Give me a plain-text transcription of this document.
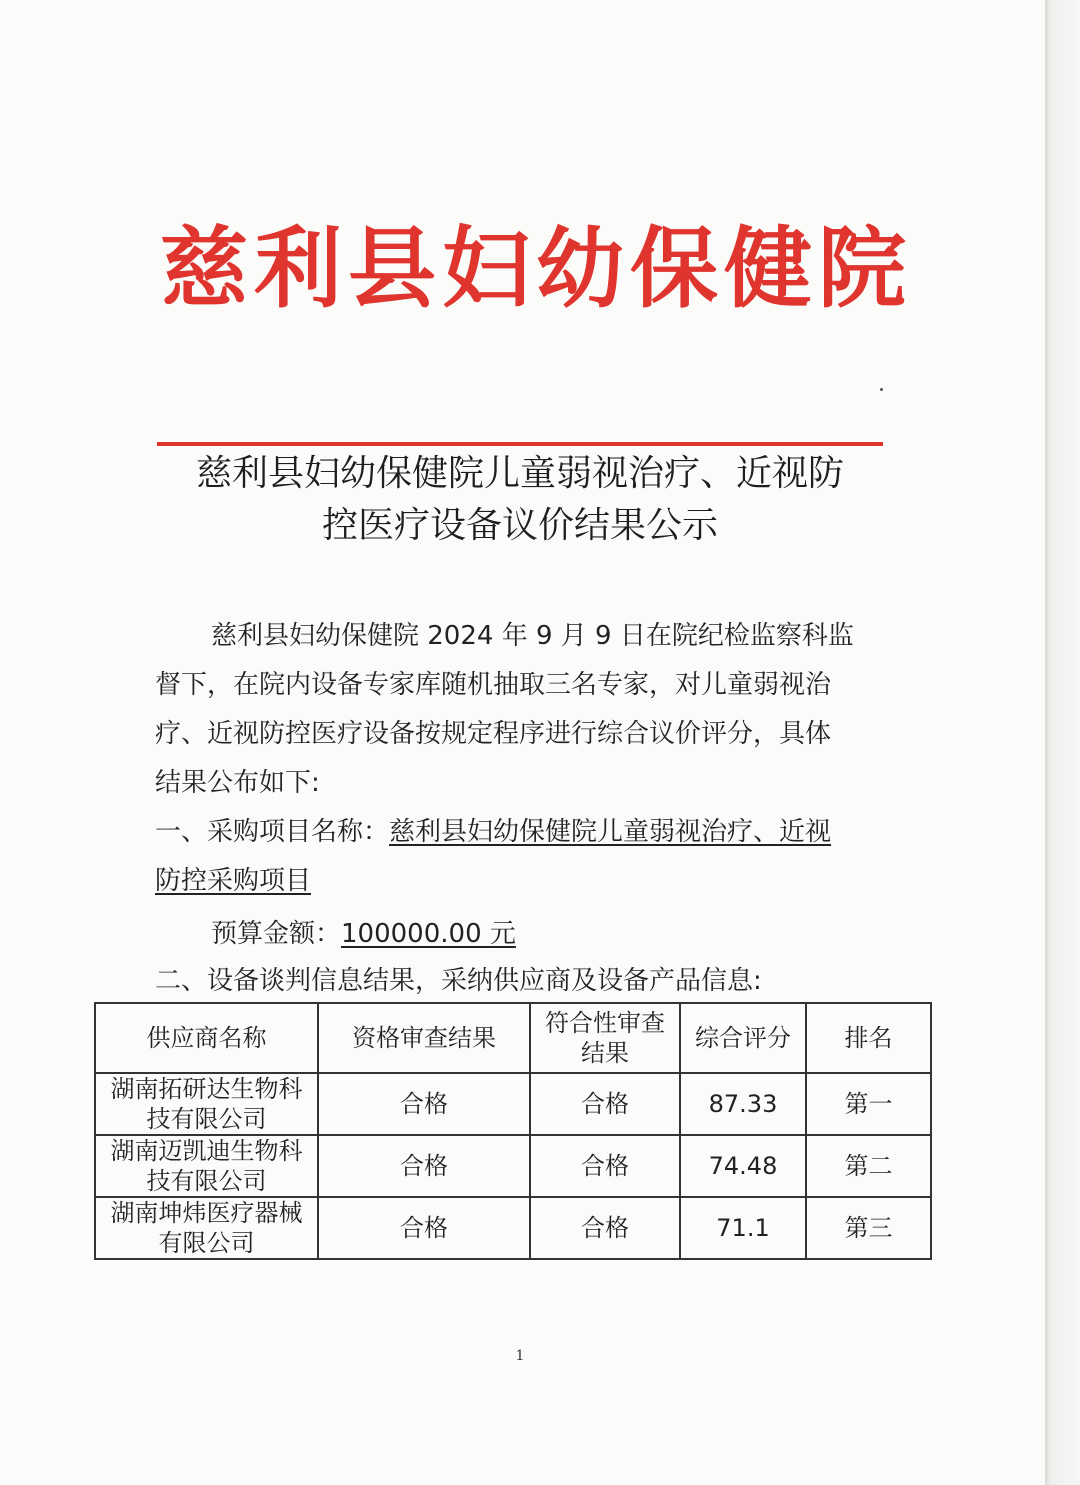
慈利县妇幼保健院
慈利县妇幼保健院儿童弱视治疗、近视防
控医疗设备议价结果公示
慈利县妇幼保健院 2024 年 9 月 9 日在院纪检监察科监
督下，在院内设备专家库随机抽取三名专家，对儿童弱视治
疗、近视防控医疗设备按规定程序进行综合议价评分，具体
结果公布如下:
一、采购项目名称：慈利县妇幼保健院儿童弱视治疗、近视
防控采购项目
预算金额：100000.00 元
二、设备谈判信息结果，采纳供应商及设备产品信息:
供应商名称	资格审查结果	符合性审查结果	综合评分	排名
湖南拓研达生物科技有限公司	合格	合格	87.33	第一
湖南迈凯迪生物科技有限公司	合格	合格	74.48	第二
湖南坤炜医疗器械有限公司	合格	合格	71.1	第三
1
